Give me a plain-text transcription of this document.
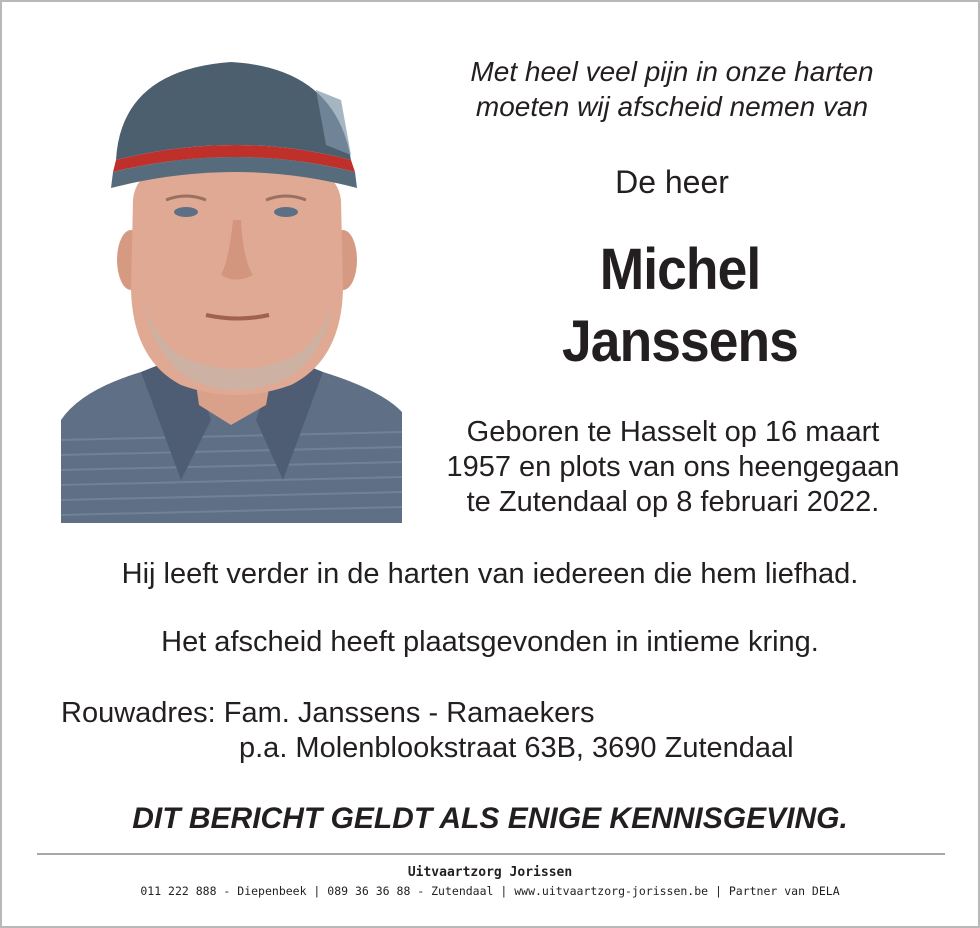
Met heel veel pijn in onze harten
moeten wij afscheid nemen van
De heer
Michel
Janssens
Geboren te Hasselt op 16 maart
1957 en plots van ons heengegaan
te Zutendaal op 8 februari 2022.
Hij leeft verder in de harten van iedereen die hem liefhad.
Het afscheid heeft plaatsgevonden in intieme kring.
Rouwadres: Fam. Janssens - Ramaekers
p.a. Molenblookstraat 63B, 3690 Zutendaal
DIT BERICHT GELDT ALS ENIGE KENNISGEVING.
Uitvaartzorg Jorissen
011 222 888 - Diepenbeek | 089 36 36 88 - Zutendaal | www.uitvaartzorg-jorissen.be | Partner van DELA
